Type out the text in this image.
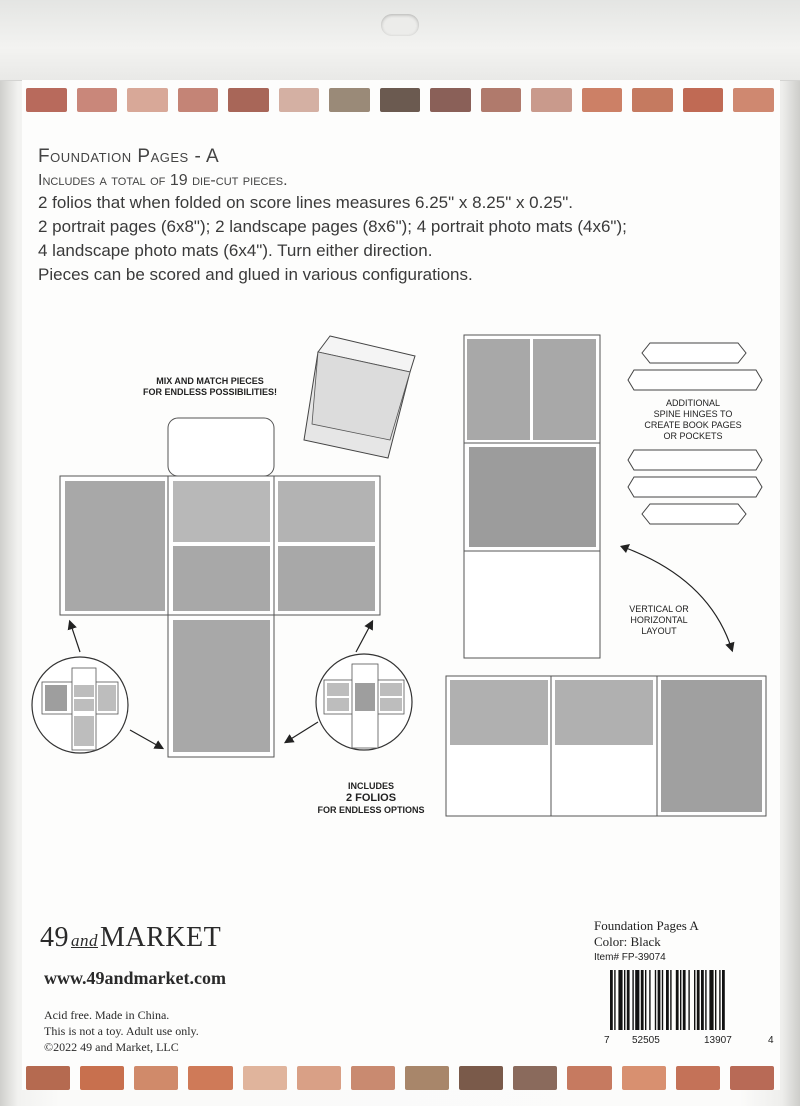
Foundation Pages - A
Includes a total of 19 die-cut pieces.
2 folios that when folded on score lines measures 6.25" x 8.25" x 0.25".
2 portrait pages (6x8"); 2 landscape pages (8x6"); 4 portrait photo mats (4x6");
4 landscape photo mats (6x4"). Turn either direction.
Pieces can be scored and glued in various configurations.
MIX AND MATCH PIECES
FOR ENDLESS POSSIBILITIES!
ADDITIONAL
SPINE HINGES TO
CREATE BOOK PAGES
OR POCKETS
VERTICAL OR
HORIZONTAL
LAYOUT
INCLUDES
2 FOLIOS
FOR ENDLESS OPTIONS
49 andMARKET
www.49andmarket.com
Acid free. Made in China.
This is not a toy. Adult use only.
©2022 49 and Market, LLC
Foundation Pages A
Color: Black
Item# FP-39074
7 52505	13907	4
